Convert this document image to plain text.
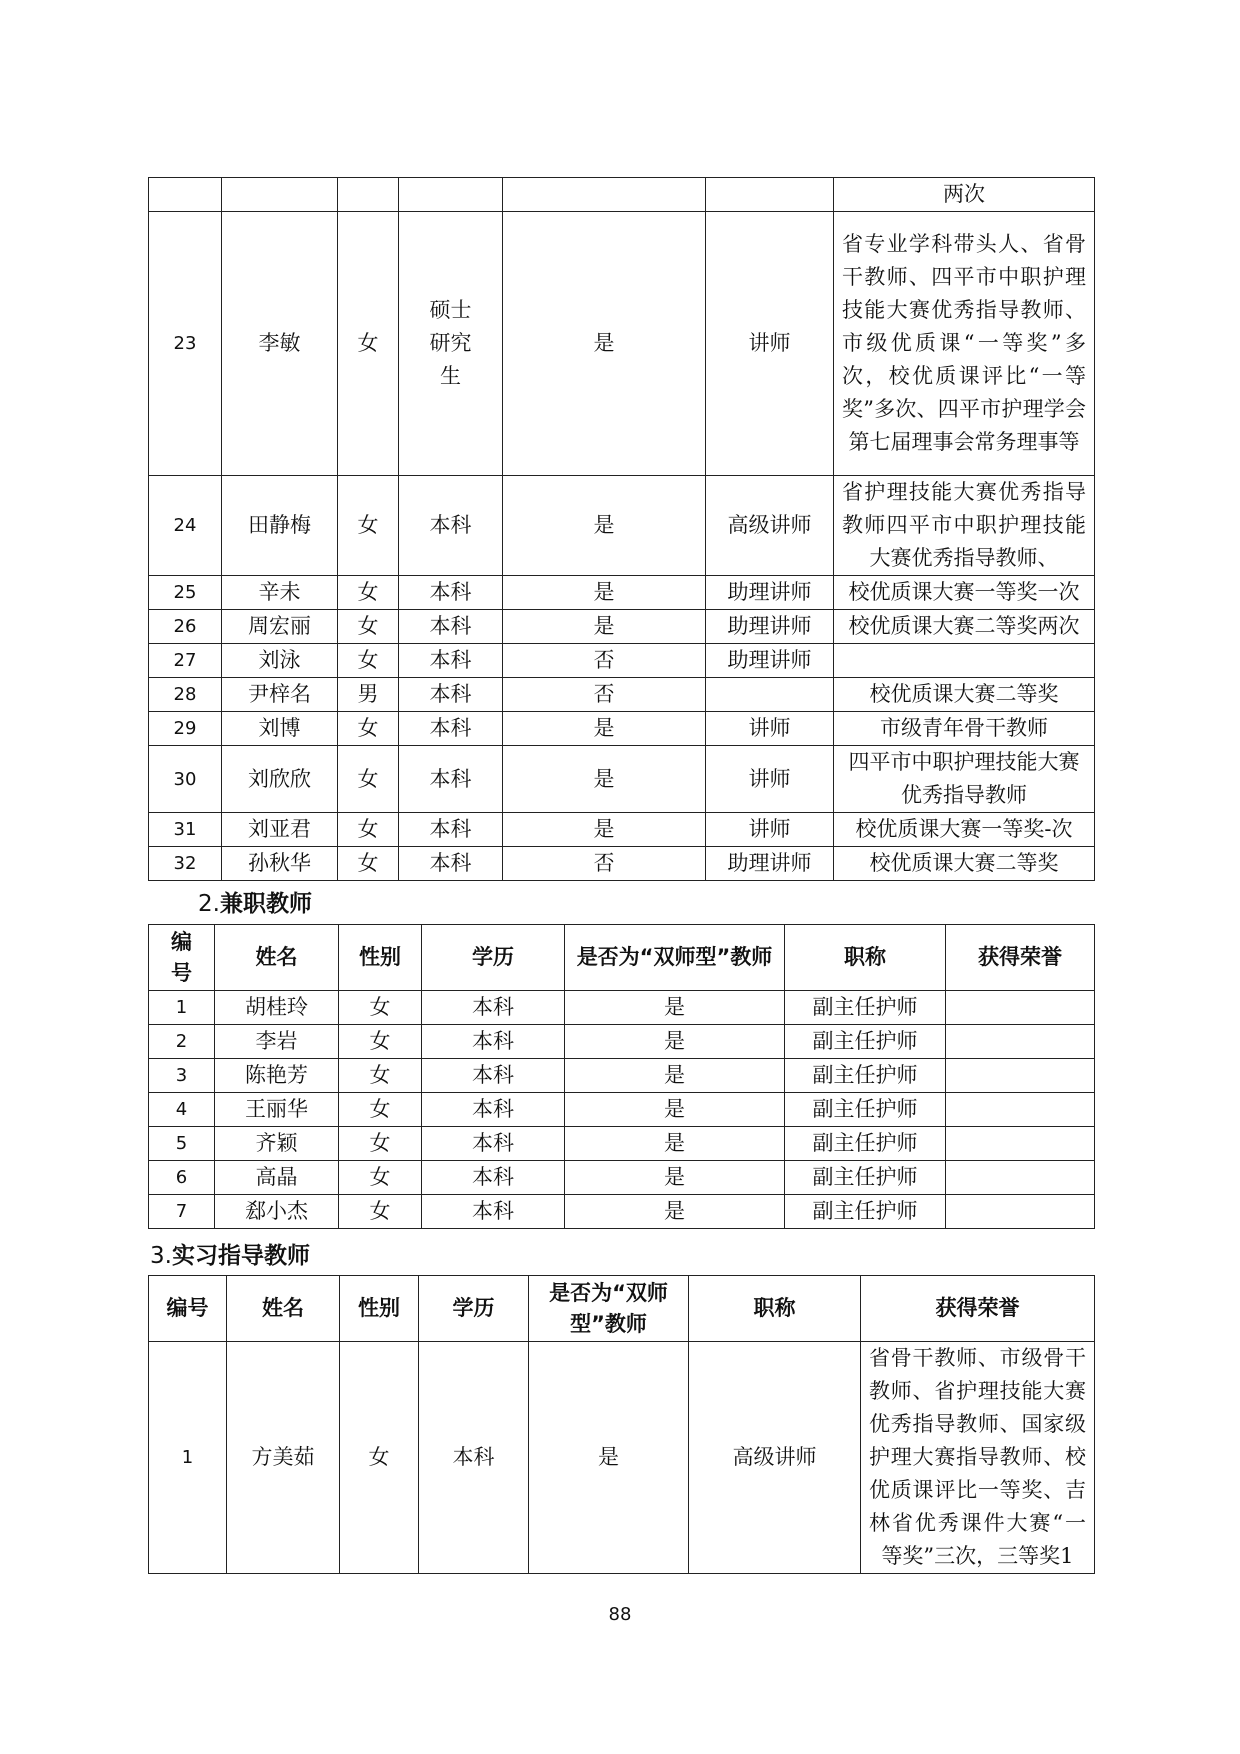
						两次
23	李敏	女	硕士研究生	是	讲师	省专业学科带头人、省骨干教师、四平市中职护理技能大赛优秀指导教师、市级优质课“一等奖”多次，校优质课评比“一等奖”多次、四平市护理学会第七届理事会常务理事等
24	田静梅	女	本科	是	高级讲师	省护理技能大赛优秀指导教师四平市中职护理技能大赛优秀指导教师、
25	辛未	女	本科	是	助理讲师	校优质课大赛一等奖一次
26	周宏丽	女	本科	是	助理讲师	校优质课大赛二等奖两次
27	刘泳	女	本科	否	助理讲师	
28	尹梓名	男	本科	否		校优质课大赛二等奖
29	刘博	女	本科	是	讲师	市级青年骨干教师
30	刘欣欣	女	本科	是	讲师	四平市中职护理技能大赛优秀指导教师
31	刘亚君	女	本科	是	讲师	校优质课大赛一等奖-次
32	孙秋华	女	本科	否	助理讲师	校优质课大赛二等奖
2.兼职教师
编号	姓名	性别	学历	是否为“双师型”教师	职称	获得荣誉
1	胡桂玲	女	本科	是	副主任护师	
2	李岩	女	本科	是	副主任护师	
3	陈艳芳	女	本科	是	副主任护师	
4	王丽华	女	本科	是	副主任护师	
5	齐颖	女	本科	是	副主任护师	
6	高晶	女	本科	是	副主任护师	
7	郄小杰	女	本科	是	副主任护师	
3.实习指导教师
编号	姓名	性别	学历	是否为“双师型”教师	职称	获得荣誉
1	方美茹	女	本科	是	高级讲师	省骨干教师、市级骨干教师、省护理技能大赛优秀指导教师、国家级护理大赛指导教师、校优质课评比一等奖、吉林省优秀课件大赛“一等奖”三次，三等奖1
88
